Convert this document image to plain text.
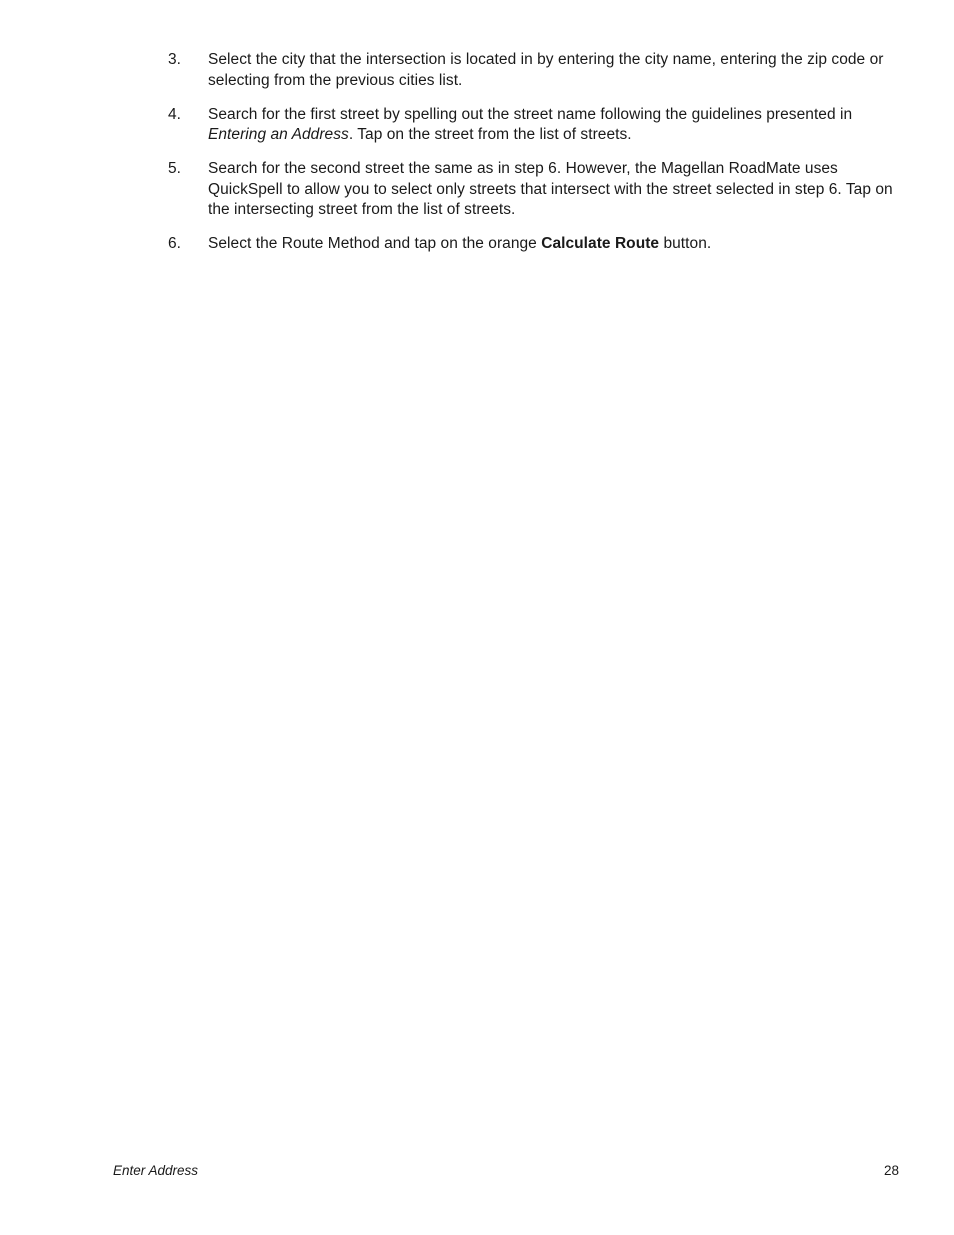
3. Select the city that the intersection is located in by entering the city name, entering the zip code or selecting from the previous cities list.
4. Search for the first street by spelling out the street name following the guidelines presented in Entering an Address. Tap on the street from the list of streets.
5. Search for the second street the same as in step 6. However, the Magellan RoadMate uses QuickSpell to allow you to select only streets that intersect with the street selected in step 6. Tap on the intersecting street from the list of streets.
6. Select the Route Method and tap on the orange Calculate Route button.
Enter Address	28
